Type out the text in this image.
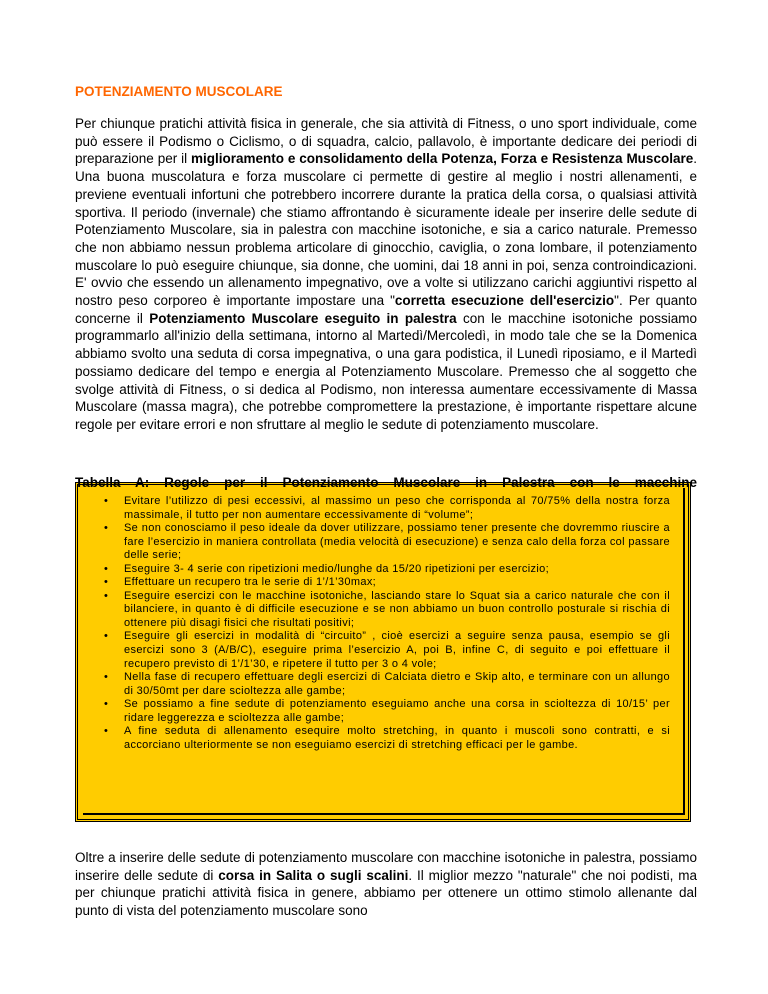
POTENZIAMENTO MUSCOLARE

Per chiunque pratichi attività fisica in generale, che sia attività di Fitness, o uno sport individuale, come può essere il Podismo o Ciclismo, o di squadra, calcio, pallavolo, è importante dedicare dei periodi di preparazione per il miglioramento e consolidamento della Potenza, Forza e Resistenza Muscolare. Una buona muscolatura e forza muscolare ci permette di gestire al meglio i nostri allenamenti, e previene eventuali infortuni che potrebbero incorrere durante la pratica della corsa, o qualsiasi attività sportiva. Il periodo (invernale) che stiamo affrontando è sicuramente ideale per inserire delle sedute di Potenziamento Muscolare, sia in palestra con macchine isotoniche, e sia a carico naturale. Premesso che non abbiamo nessun problema articolare di ginocchio, caviglia, o zona lombare, il potenziamento muscolare lo può eseguire chiunque, sia donne, che uomini, dai 18 anni in poi, senza controindicazioni. E' ovvio che essendo un allenamento impegnativo, ove a volte si utilizzano carichi aggiuntivi rispetto al nostro peso corporeo è importante impostare una "corretta esecuzione dell'esercizio". Per quanto concerne il Potenziamento Muscolare eseguito in palestra con le macchine isotoniche possiamo programmarlo all'inizio della settimana, intorno al Martedì/Mercoledì, in modo tale che se la Domenica abbiamo svolto una seduta di corsa impegnativa, o una gara podistica, il Lunedì riposiamo, e il Martedì possiamo dedicare del tempo e energia al Potenziamento Muscolare. Premesso che al soggetto che svolge attività di Fitness, o si dedica al Podismo, non interessa aumentare eccessivamente di Massa Muscolare (massa magra), che potrebbe compromettere la prestazione, è importante rispettare alcune regole per evitare errori e non sfruttare al meglio le sedute di potenziamento muscolare.

• Evitare l’utilizzo di pesi eccessivi, al massimo un peso che corrisponda al 70/75% della nostra forza massimale, il tutto per non aumentare eccessivamente di “volume”;
• Se non conosciamo il peso ideale da dover utilizzare, possiamo tener presente che dovremmo riuscire a fare l’esercizio in maniera controllata (media velocità di esecuzione) e senza calo della forza col passare delle serie;
• Eseguire 3- 4 serie con ripetizioni medio/lunghe da 15/20 ripetizioni per esercizio;
• Effettuare un recupero tra le serie di 1’/1’30max;
• Eseguire esercizi con le macchine isotoniche, lasciando stare lo Squat sia a carico naturale che con il bilanciere, in quanto è di difficile esecuzione e se non abbiamo un buon controllo posturale si rischia di ottenere più disagi fisici che risultati positivi;
• Eseguire gli esercizi in modalità di “circuito” , cioè esercizi a seguire senza pausa, esempio se gli esercizi sono 3 (A/B/C), eseguire prima l’esercizio A, poi B, infine C, di seguito e poi effettuare il recupero previsto di 1’/1’30, e ripetere il tutto per 3 o 4 vole;
• Nella fase di recupero effettuare degli esercizi di Calciata dietro e Skip alto, e terminare con un allungo di 30/50mt per dare scioltezza alle gambe;
• Se possiamo a fine sedute di potenziamento eseguiamo anche una corsa in scioltezza di 10/15’ per ridare leggerezza e scioltezza alle gambe;
• A fine seduta di allenamento esequire molto stretching, in quanto i muscoli sono contratti, e si accorciano ulteriormente se non eseguiamo esercizi di stretching efficaci per le gambe.

Tabella A: Regole per il Potenziamento Muscolare in Palestra con le macchine

Oltre a inserire delle sedute di potenziamento muscolare con macchine isotoniche in palestra, possiamo inserire delle sedute di corsa in Salita o sugli scalini. Il miglior mezzo "naturale" che noi podisti, ma per chiunque pratichi attività fisica in genere, abbiamo per ottenere un ottimo stimolo allenante dal punto di vista del potenziamento muscolare sono
